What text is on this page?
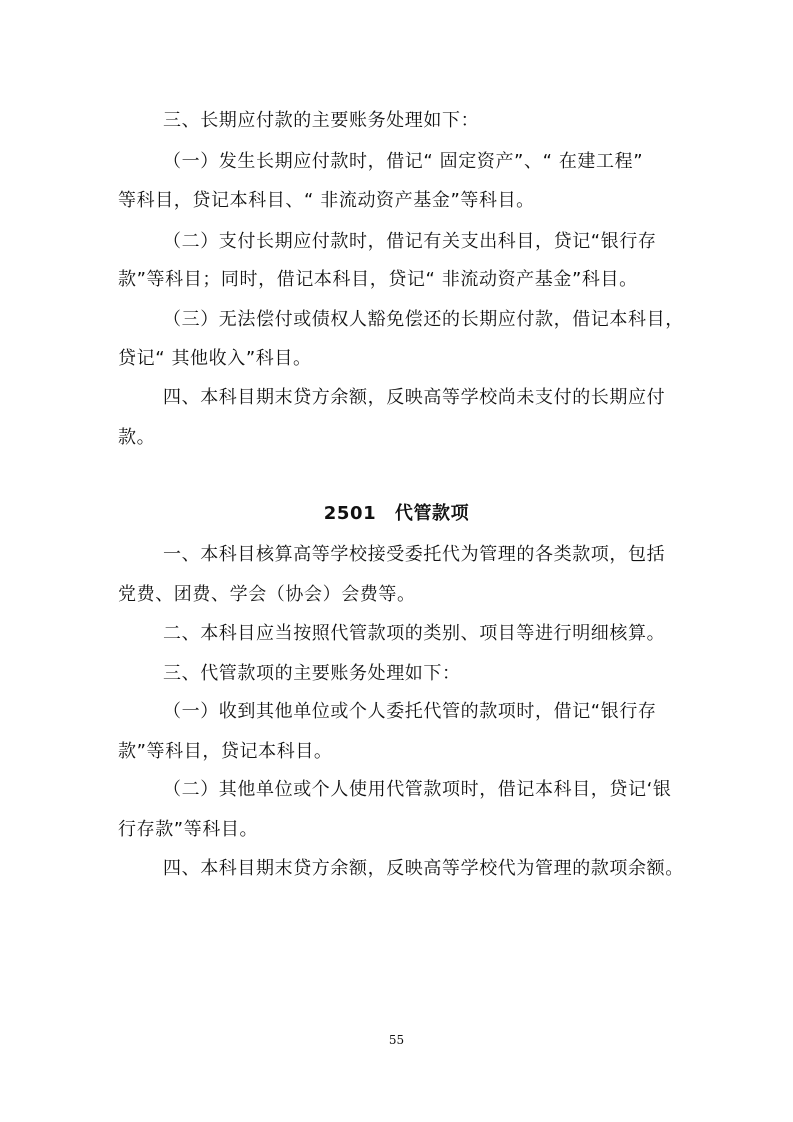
三、长期应付款的主要账务处理如下：
（一）发生长期应付款时，借记“ 固定资产”、“ 在建工程”
等科目，贷记本科目、“ 非流动资产基金”等科目。
（二）支付长期应付款时，借记有关支出科目，贷记“银行存
款”等科目；同时，借记本科目，贷记“ 非流动资产基金”科目。
（三）无法偿付或债权人豁免偿还的长期应付款，借记本科目，
贷记“ 其他收入”科目。
四、本科目期末贷方余额，反映高等学校尚未支付的长期应付
款。
2501　代管款项
一、本科目核算高等学校接受委托代为管理的各类款项，包括
党费、团费、学会（协会）会费等。
二、本科目应当按照代管款项的类别、项目等进行明细核算。
三、代管款项的主要账务处理如下：
（一）收到其他单位或个人委托代管的款项时，借记“银行存
款”等科目，贷记本科目。
（二）其他单位或个人使用代管款项时，借记本科目，贷记‘银
行存款”等科目。
四、本科目期末贷方余额，反映高等学校代为管理的款项余额。
55
